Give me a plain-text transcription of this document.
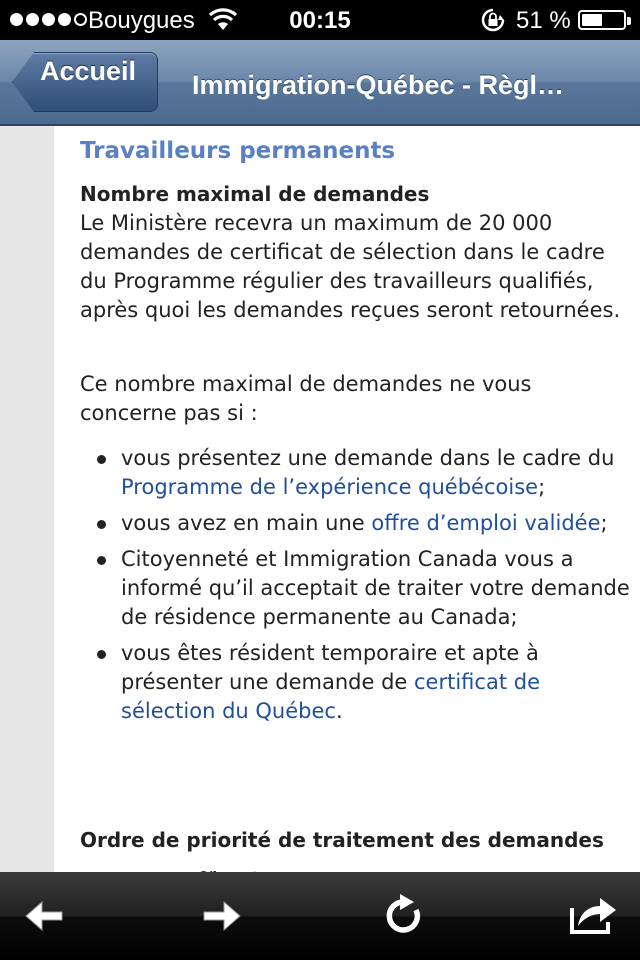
Bouygues	00:15	51 %
Accueil Immigration-Québec - Règl…
Travailleurs permanents
Nombre maximal de demandes

Le Ministère recevra un maximum de 20 000 demandes de certificat de sélection dans le cadre du Programme régulier des travailleurs qualifiés, après quoi les demandes reçues seront retournées.

Ce nombre maximal de demandes ne vous concerne pas si :

vous présentez une demande dans le cadre du Programme de l’expérience québécoise;
vous avez en main une offre d’emploi validée;
Citoyenneté et Immigration Canada vous a informé qu’il acceptait de traiter votre demande de résidence permanente au Canada;
vous êtes résident temporaire et apte à présenter une demande de certificat de sélection du Québec.
Ordre de priorité de traitement des demandes
